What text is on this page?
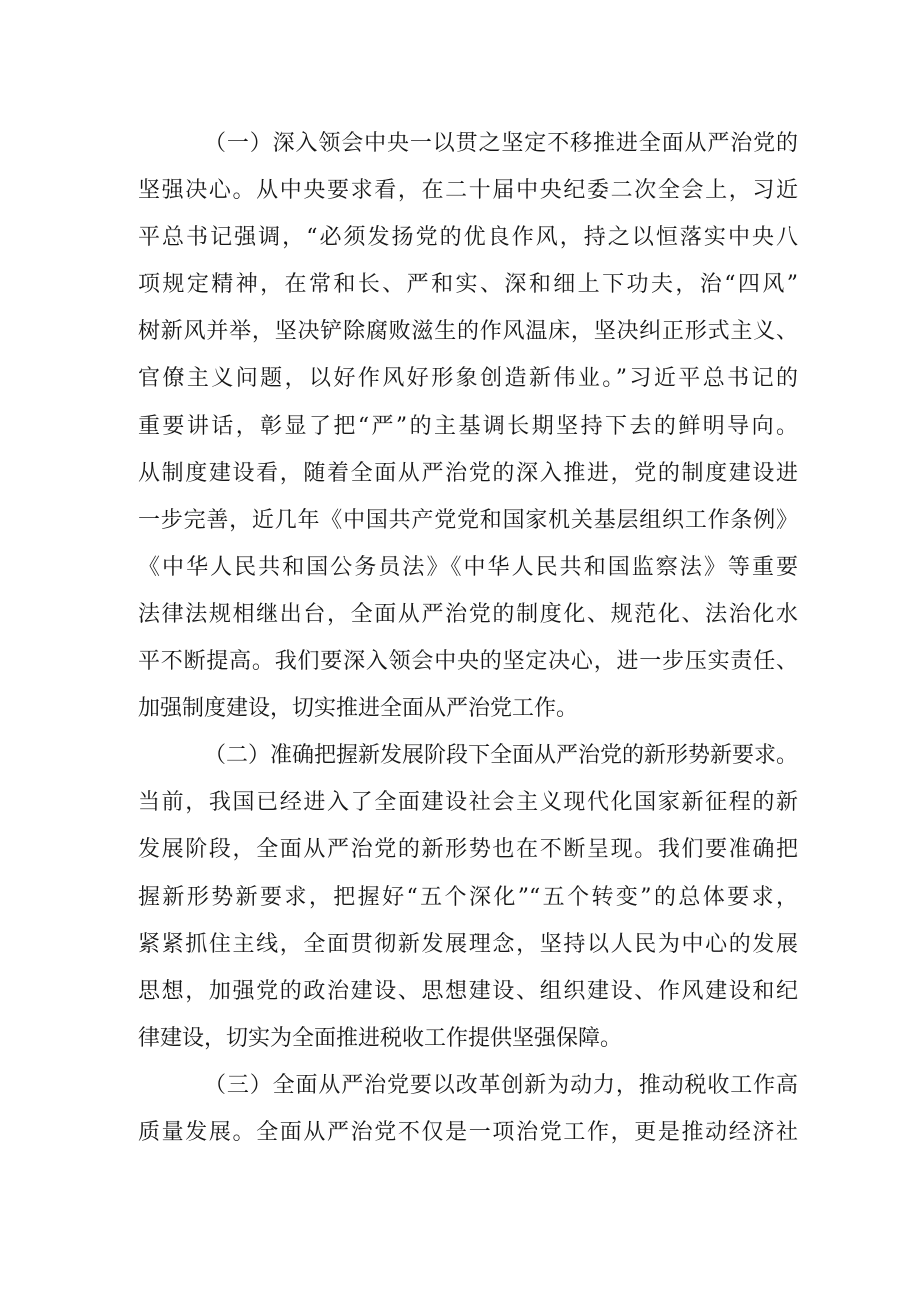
（一）深入领会中央一以贯之坚定不移推进全面从严治党的
坚强决心。从中央要求看，在二十届中央纪委二次全会上，习近
平总书记强调，“必须发扬党的优良作风，持之以恒落实中央八
项规定精神，在常和长、严和实、深和细上下功夫，治“四风”
树新风并举，坚决铲除腐败滋生的作风温床，坚决纠正形式主义、
官僚主义问题，以好作风好形象创造新伟业。”习近平总书记的
重要讲话，彰显了把“严”的主基调长期坚持下去的鲜明导向。
从制度建设看，随着全面从严治党的深入推进，党的制度建设进
一步完善，近几年《中国共产党党和国家机关基层组织工作条例》
《中华人民共和国公务员法》《中华人民共和国监察法》等重要
法律法规相继出台，全面从严治党的制度化、规范化、法治化水
平不断提高。我们要深入领会中央的坚定决心，进一步压实责任、
加强制度建设，切实推进全面从严治党工作。
（二）准确把握新发展阶段下全面从严治党的新形势新要求。
当前，我国已经进入了全面建设社会主义现代化国家新征程的新
发展阶段，全面从严治党的新形势也在不断呈现。我们要准确把
握新形势新要求，把握好“五个深化”“五个转变”的总体要求，
紧紧抓住主线，全面贯彻新发展理念，坚持以人民为中心的发展
思想，加强党的政治建设、思想建设、组织建设、作风建设和纪
律建设，切实为全面推进税收工作提供坚强保障。
（三）全面从严治党要以改革创新为动力，推动税收工作高
质量发展。全面从严治党不仅是一项治党工作，更是推动经济社
